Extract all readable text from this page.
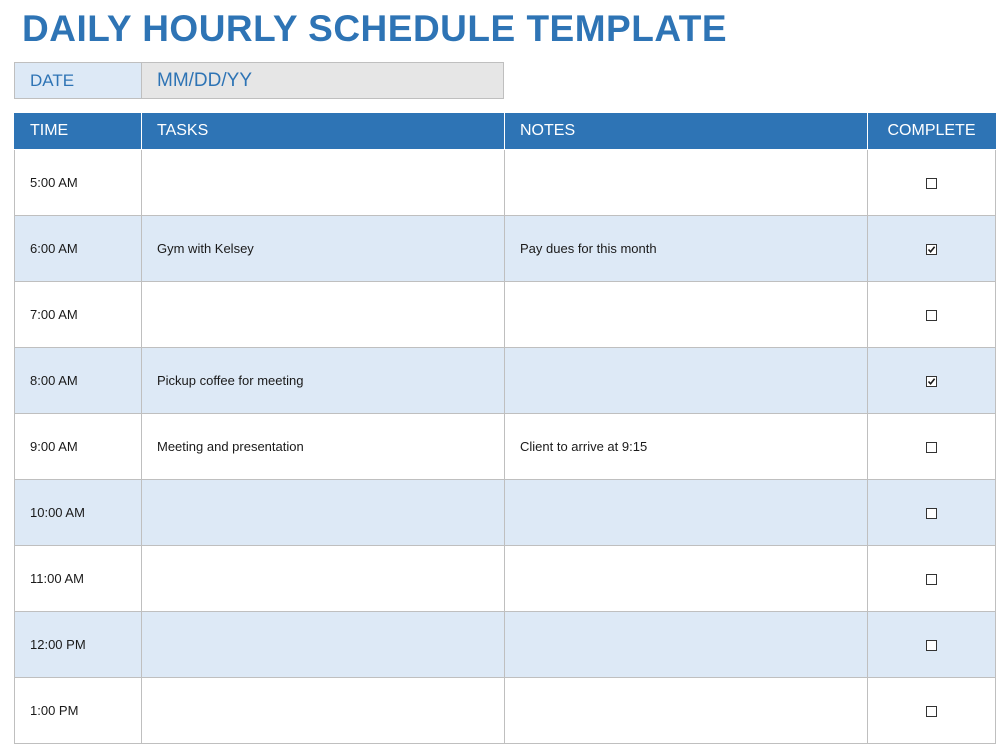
DAILY HOURLY SCHEDULE TEMPLATE
DATE	MM/DD/YY
TIME	TASKS	NOTES	COMPLETE
5:00 AM			
6:00 AM	Gym with Kelsey	Pay dues for this month	

7:00 AM			
8:00 AM	Pickup coffee for meeting		

9:00 AM	Meeting and presentation	Client to arrive at 9:15	
10:00 AM			
11:00 AM			
12:00 PM			
1:00 PM			
